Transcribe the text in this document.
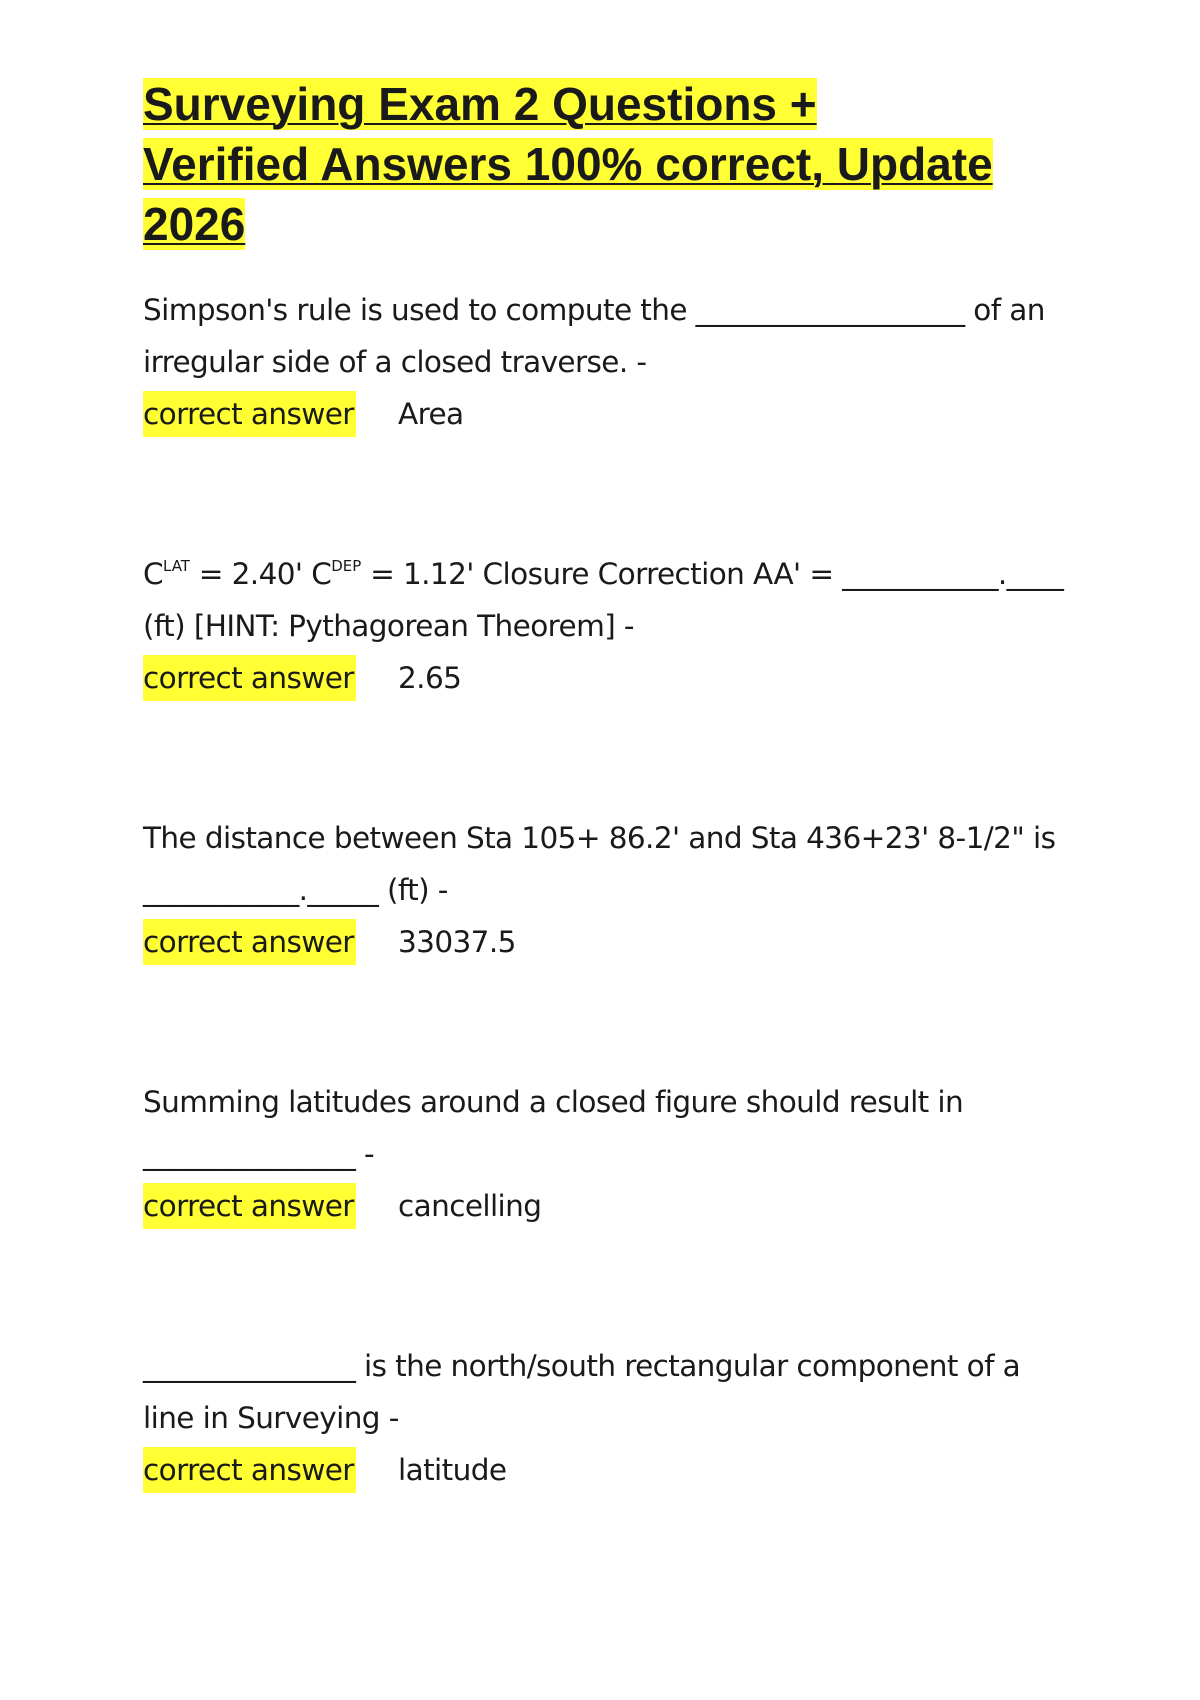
Surveying Exam 2 Questions +
Verified Answers 100% correct, Update
2026

Simpson's rule is used to compute the ___________________ of an irregular side of a closed traverse. -

correct answer Area

$C^{LAT} = 2.40'$ $C^{DEP} = 1.12'$ Closure Correction AA' = ___________.____ (ft) [HINT: Pythagorean Theorem] -

correct answer 2.65

The distance between Sta 105+ 86.2' and Sta 436+23' 8-1/2" is ___________._____ (ft) -

correct answer 33037.5

Summing latitudes around a closed figure should result in
_______________ -

correct answer cancelling

_______________ is the north/south rectangular component of a line in Surveying -

correct answer latitude
